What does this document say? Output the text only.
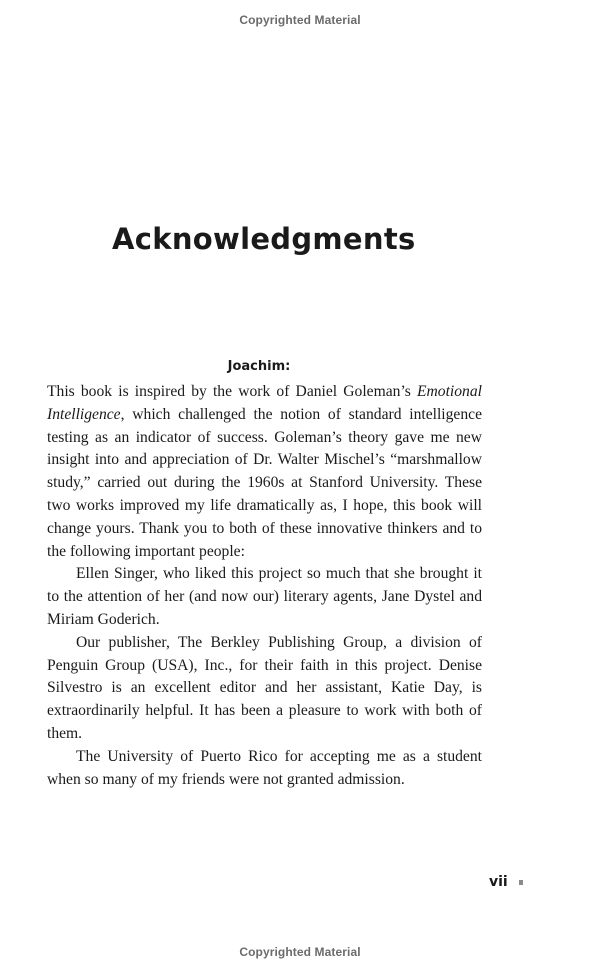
Copyrighted Material
Acknowledgments
Joachim:

This book is inspired by the work of Daniel Goleman’s Emotional Intelligence, which challenged the notion of standard intelligence testing as an indicator of success. Goleman’s theory gave me new insight into and appreciation of Dr. Walter Mischel’s “marshmallow study,” carried out during the 1960s at Stanford University. These two works improved my life dramatically as, I hope, this book will change yours. Thank you to both of these innovative thinkers and to the following important people:

Ellen Singer, who liked this project so much that she brought it to the attention of her (and now our) literary agents, Jane Dystel and Miriam Goderich.

Our publisher, The Berkley Publishing Group, a division of Penguin Group (USA), Inc., for their faith in this project. Denise Silvestro is an excellent editor and her assistant, Katie Day, is extraordinarily helpful. It has been a pleasure to work with both of them.

The University of Puerto Rico for accepting me as a student when so many of my friends were not granted admission.

vii
Copyrighted Material
